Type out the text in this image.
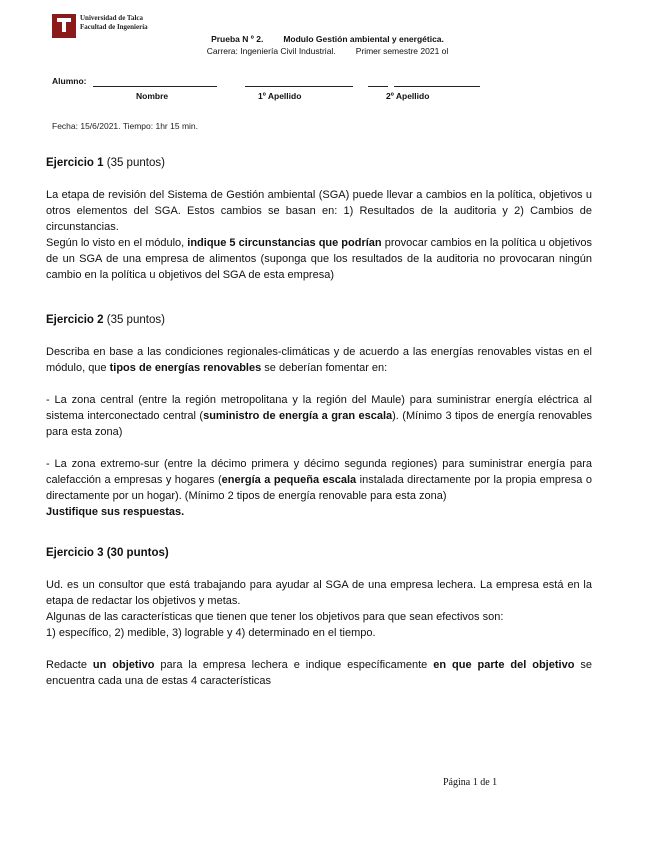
Universidad de Talca
Facultad de Ingeniería
Prueba N º 2. Modulo Gestión ambiental y energética.
Carrera: Ingeniería Civil Industrial. Primer semestre 2021 ol
Alumno:
Nombre	1º Apellido	2º Apellido
Fecha: 15/6/2021. Tiempo: 1hr 15 min.
Ejercicio 1 (35 puntos)

La etapa de revisión del Sistema de Gestión ambiental (SGA) puede llevar a cambios en la política, objetivos u otros elementos del SGA. Estos cambios se basan en: 1) Resultados de la auditoria y 2) Cambios de circunstancias.

Según lo visto en el módulo, indique 5 circunstancias que podrían provocar cambios en la política u objetivos de un SGA de una empresa de alimentos (suponga que los resultados de la auditoria no provocaran ningún cambio en la política u objetivos del SGA de esta empresa)

Ejercicio 2 (35 puntos)

Describa en base a las condiciones regionales-climáticas y de acuerdo a las energías renovables vistas en el módulo, que tipos de energías renovables se deberían fomentar en:

- La zona central (entre la región metropolitana y la región del Maule) para suministrar energía eléctrica al sistema interconectado central (suministro de energía a gran escala). (Mínimo 3 tipos de energía renovables para esta zona)

- La zona extremo-sur (entre la décimo primera y décimo segunda regiones) para suministrar energía para calefacción a empresas y hogares (energía a pequeña escala instalada directamente por la propia empresa o directamente por un hogar). (Mínimo 2 tipos de energía renovable para esta zona)

Justifique sus respuestas.

Ejercicio 3 (30 puntos)

Ud. es un consultor que está trabajando para ayudar al SGA de una empresa lechera. La empresa está en la etapa de redactar los objetivos y metas.

Algunas de las características que tienen que tener los objetivos para que sean efectivos son:

1) específico, 2) medible, 3) lograble y 4) determinado en el tiempo.

Redacte un objetivo para la empresa lechera e indique específicamente en que parte del objetivo se encuentra cada una de estas 4 características

Página 1 de 1
